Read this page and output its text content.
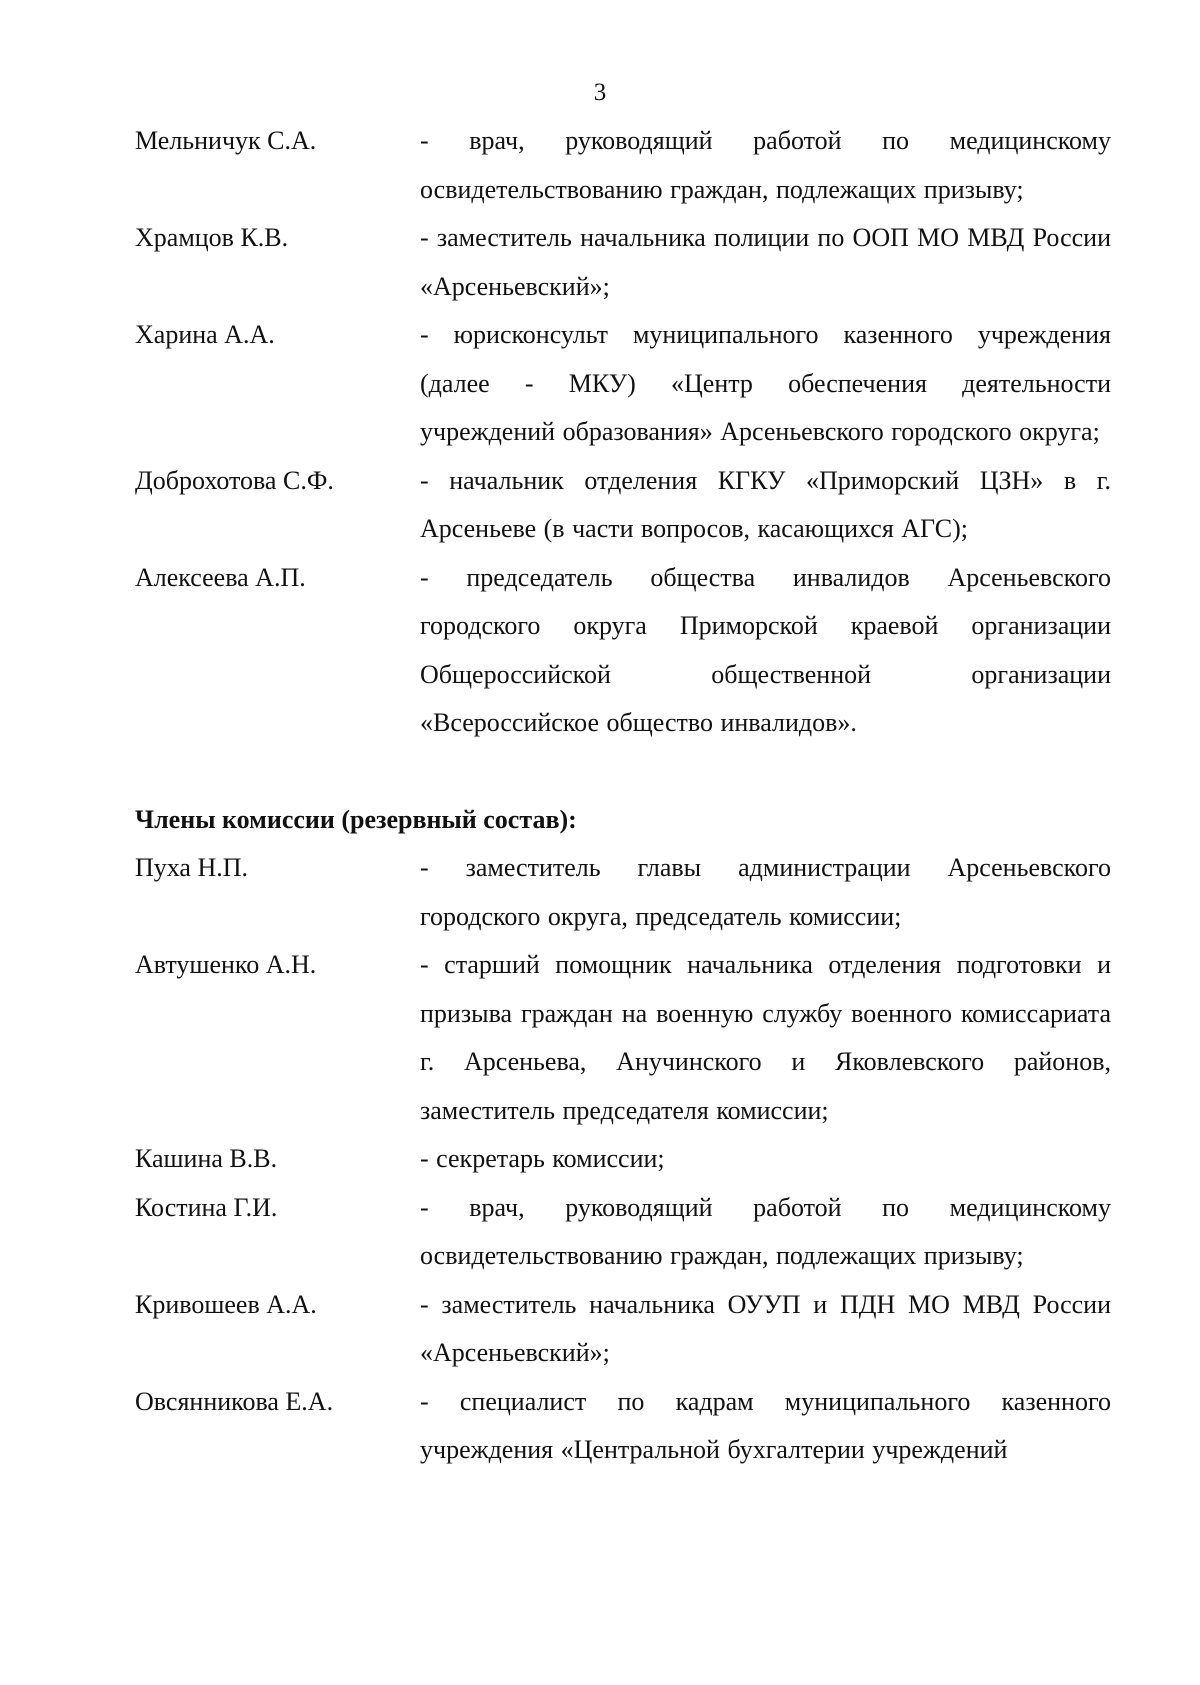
3
Мельничук С.А.	- врач, руководящий работой по медицинскому освидетельствованию граждан, подлежащих призыву;
Храмцов К.В.	- заместитель начальника полиции по ООП МО МВД России «Арсеньевский»;
Харина А.А.	- юрисконсульт муниципального казенного учреждения (далее - МКУ) «Центр обеспечения деятельности учреждений образования» Арсеньевского городского округа;
Доброхотова С.Ф.	- начальник отделения КГКУ «Приморский ЦЗН» в г. Арсеньеве (в части вопросов, касающихся АГС);
Алексеева А.П.	- председатель общества инвалидов Арсеньевского городского округа Приморской краевой организации Общероссийской общественной организации «Всероссийское общество инвалидов».
Члены комиссии (резервный состав):
Пуха Н.П.	- заместитель главы администрации Арсеньевского городского округа, председатель комиссии;
Автушенко А.Н.	- старший помощник начальника отделения подготовки и призыва граждан на военную службу военного комиссариата г. Арсеньева, Анучинского и Яковлевского районов, заместитель председателя комиссии;
Кашина В.В.	- секретарь комиссии;
Костина Г.И.	- врач, руководящий работой по медицинскому освидетельствованию граждан, подлежащих призыву;
Кривошеев А.А.	- заместитель начальника ОУУП и ПДН МО МВД России «Арсеньевский»;
Овсянникова Е.А.	- специалист по кадрам муниципального казенного учреждения «Центральной бухгалтерии учреждений
